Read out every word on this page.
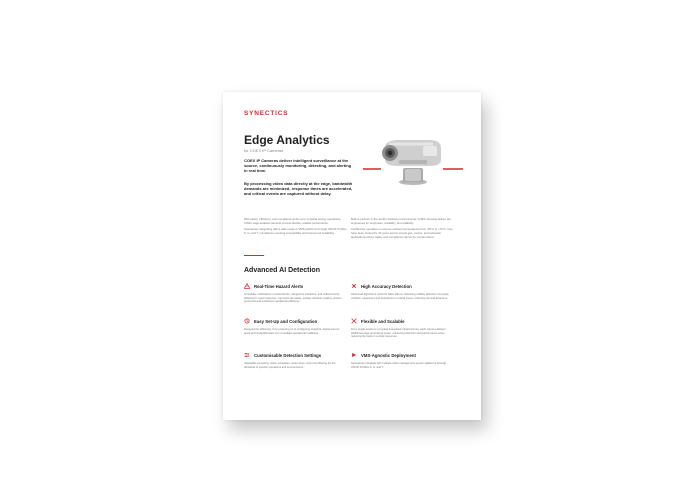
SYNECTICS
Edge Analytics
for COEX IP Cameras
COEX IP Cameras deliver intelligent surveillance at the source, continuously monitoring, detecting, and alerting in real time.
By processing video data directly at the edge, bandwidth demands are minimized, response times are accelerated, and critical events are captured without delay.

With safety, efficiency, and compliance at the core of global energy operations, COEX edge-enabled cameras provide flexible, reliable performance.

Seamlessly integrating with a wide range of VMS platforms through ONVIF Profiles S, G, and T, compliance ensuring compatibility and futureproof scalability.

Built to perform in the world's harshest environments, COEX cameras deliver are engineered for toughness, durability, and reliability.

Certified for operation in extreme ambient temperatures from -60°C to +70°C, they have been trusted for 40 years across oil and gas, marine, and industrial applications where safety and compliance cannot be compromised.

Advanced AI Detection
Real-Time Hazard Alerts
Immediate notifications of potential fire, dangerous situations, and critical events, allowing for rapid response, improved site safety, quicker decision-making, protect personnel and enhanced operational efficiency.
High Accuracy Detection
Advanced algorithms minimize false alarms, delivering reliable detection of people, vehicles, equipment and behaviours in critical zones, reducing risk and downtime.
Easy Set-Up and Configuration
Designed for efficiency, from powering on to configuring analytics, deployment is quick and straightforward, for immediate operational readiness.
Flexible and Scalable
From single assets to complete integrated infrastructures, each camera delivers additional edge processing power, enhancing detection and performance when reducing the load on central resources.
Customisable Detection Settings
Adjustable sensitivity, alarm schedules, action lines, and more filtering for the demands of specific operations and environments.
VMS-Agnostic Deployment
Seamlessly integrate with multiple video management system platforms through ONVIF Profiles S, G, and T.
